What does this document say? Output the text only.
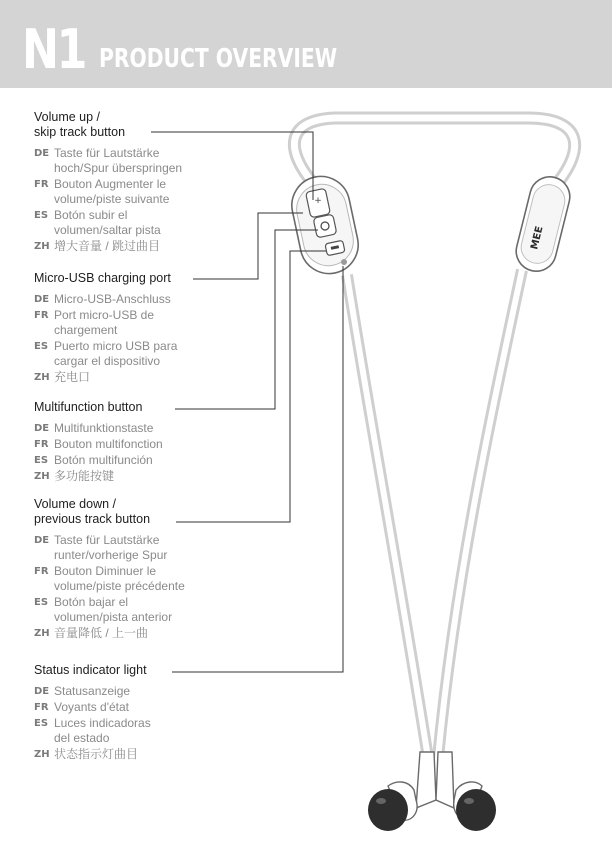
N1 PRODUCT OVERVIEW
Volume up /
skip track button
DE Taste für Lautstärke
hoch/Spur überspringen
FR Bouton Augmenter le
volume/piste suivante
ES Botón subir el
volumen/saltar pista
ZH 增大音量 / 跳过曲目
Micro-USB charging port
DE Micro-USB-Anschluss
FR Port micro-USB de
chargement
ES Puerto micro USB para
cargar el dispositivo
ZH 充电口
Multifunction button
DE Multifunktionstaste
FR Bouton multifonction
ES Botón multifunción
ZH 多功能按键
Volume down /
previous track button
DE Taste für Lautstärke
runter/vorherige Spur
FR Bouton Diminuer le
volume/piste précédente
ES Botón bajar el
volumen/pista anterior
ZH 音量降低 / 上一曲
Status indicator light
DE Statusanzeige
FR Voyants d'état
ES Luces indicadoras
del estado
ZH 状态指示灯曲目
+
MEE
